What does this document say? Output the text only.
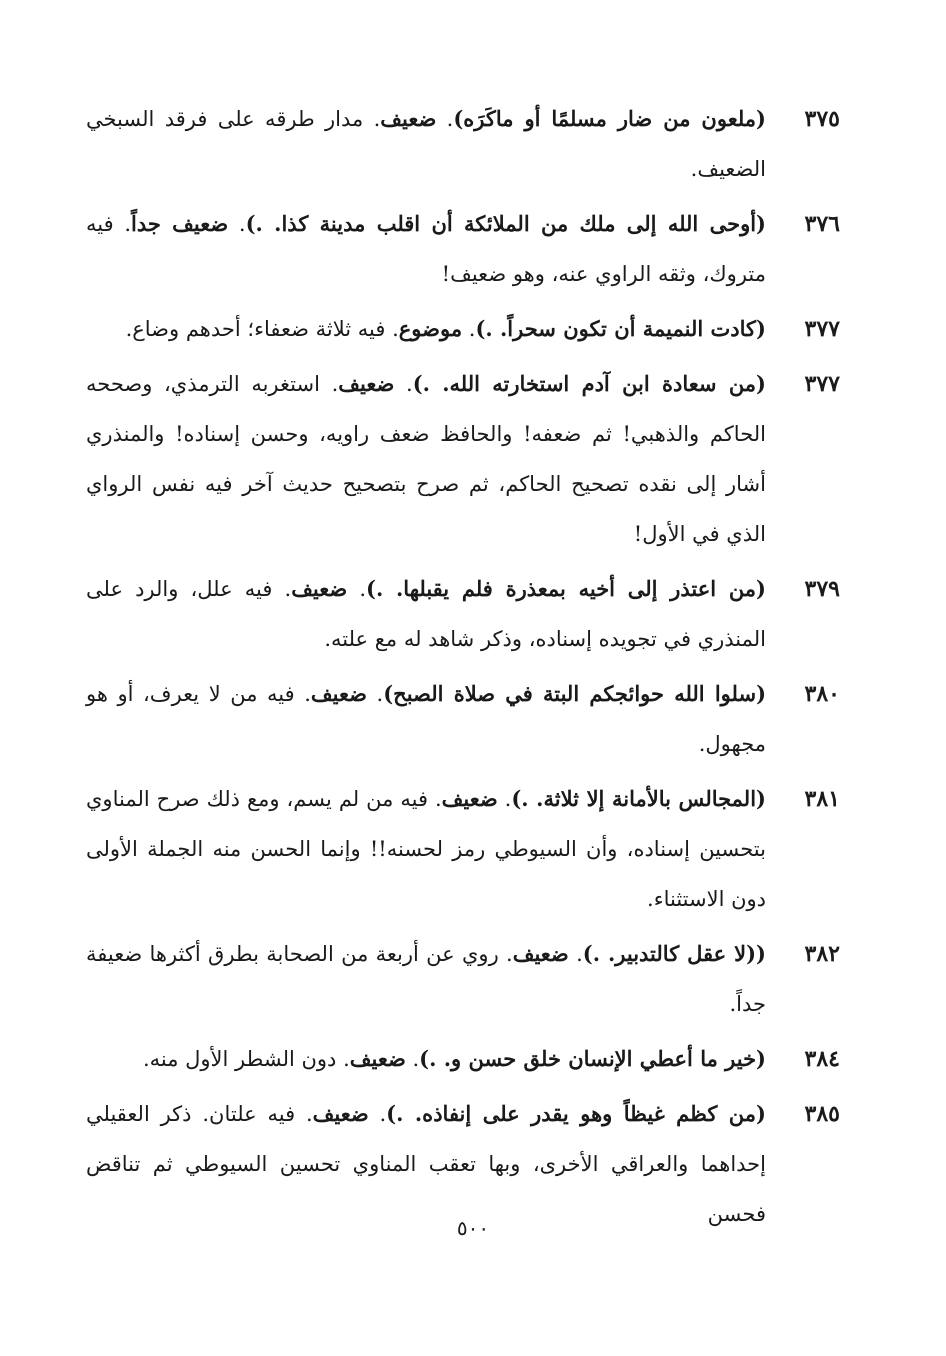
٣٧٥
(ملعون من ضار مسلمًا أو ماكَرَه). ضعيف. مدار طرقه على فرقد السبخي الضعيف.
٣٧٦
(أوحى الله إلى ملك من الملائكة أن اقلب مدينة كذا. .). ضعيف جداً. فيه متروك، وثقه الراوي عنه، وهو ضعيف!
٣٧٧
(كادت النميمة أن تكون سحراً. .). موضوع. فيه ثلاثة ضعفاء؛ أحدهم وضاع.
٣٧٧
(من سعادة ابن آدم استخارته الله. .). ضعيف. استغربه الترمذي، وصححه الحاكم والذهبي! ثم ضعفه! والحافظ ضعف راويه، وحسن إسناده! والمنذري أشار إلى نقده تصحيح الحاكم، ثم صرح بتصحيح حديث آخر فيه نفس الرواي الذي في الأول!
٣٧٩
(من اعتذر إلى أخيه بمعذرة فلم يقبلها. .). ضعيف. فيه علل، والرد على المنذري في تجويده إسناده، وذكر شاهد له مع علته.
٣٨٠
(سلوا الله حوائجكم البتة في صلاة الصبح). ضعيف. فيه من لا يعرف، أو هو مجهول.
٣٨١
(المجالس بالأمانة إلا ثلاثة. .). ضعيف. فيه من لم يسم، ومع ذلك صرح المناوي بتحسين إسناده، وأن السيوطي رمز لحسنه!! وإنما الحسن منه الجملة الأولى دون الاستثناء.
٣٨٢
((لا عقل كالتدبير. .). ضعيف. روي عن أربعة من الصحابة بطرق أكثرها ضعيفة جداً.
٣٨٤
(خير ما أعطي الإنسان خلق حسن و. .). ضعيف. دون الشطر الأول منه.
٣٨٥
(من كظم غيظاً وهو يقدر على إنفاذه. .). ضعيف. فيه علتان. ذكر العقيلي إحداهما والعراقي الأخرى، وبها تعقب المناوي تحسين السيوطي ثم تناقض فحسن
٥٠٠
